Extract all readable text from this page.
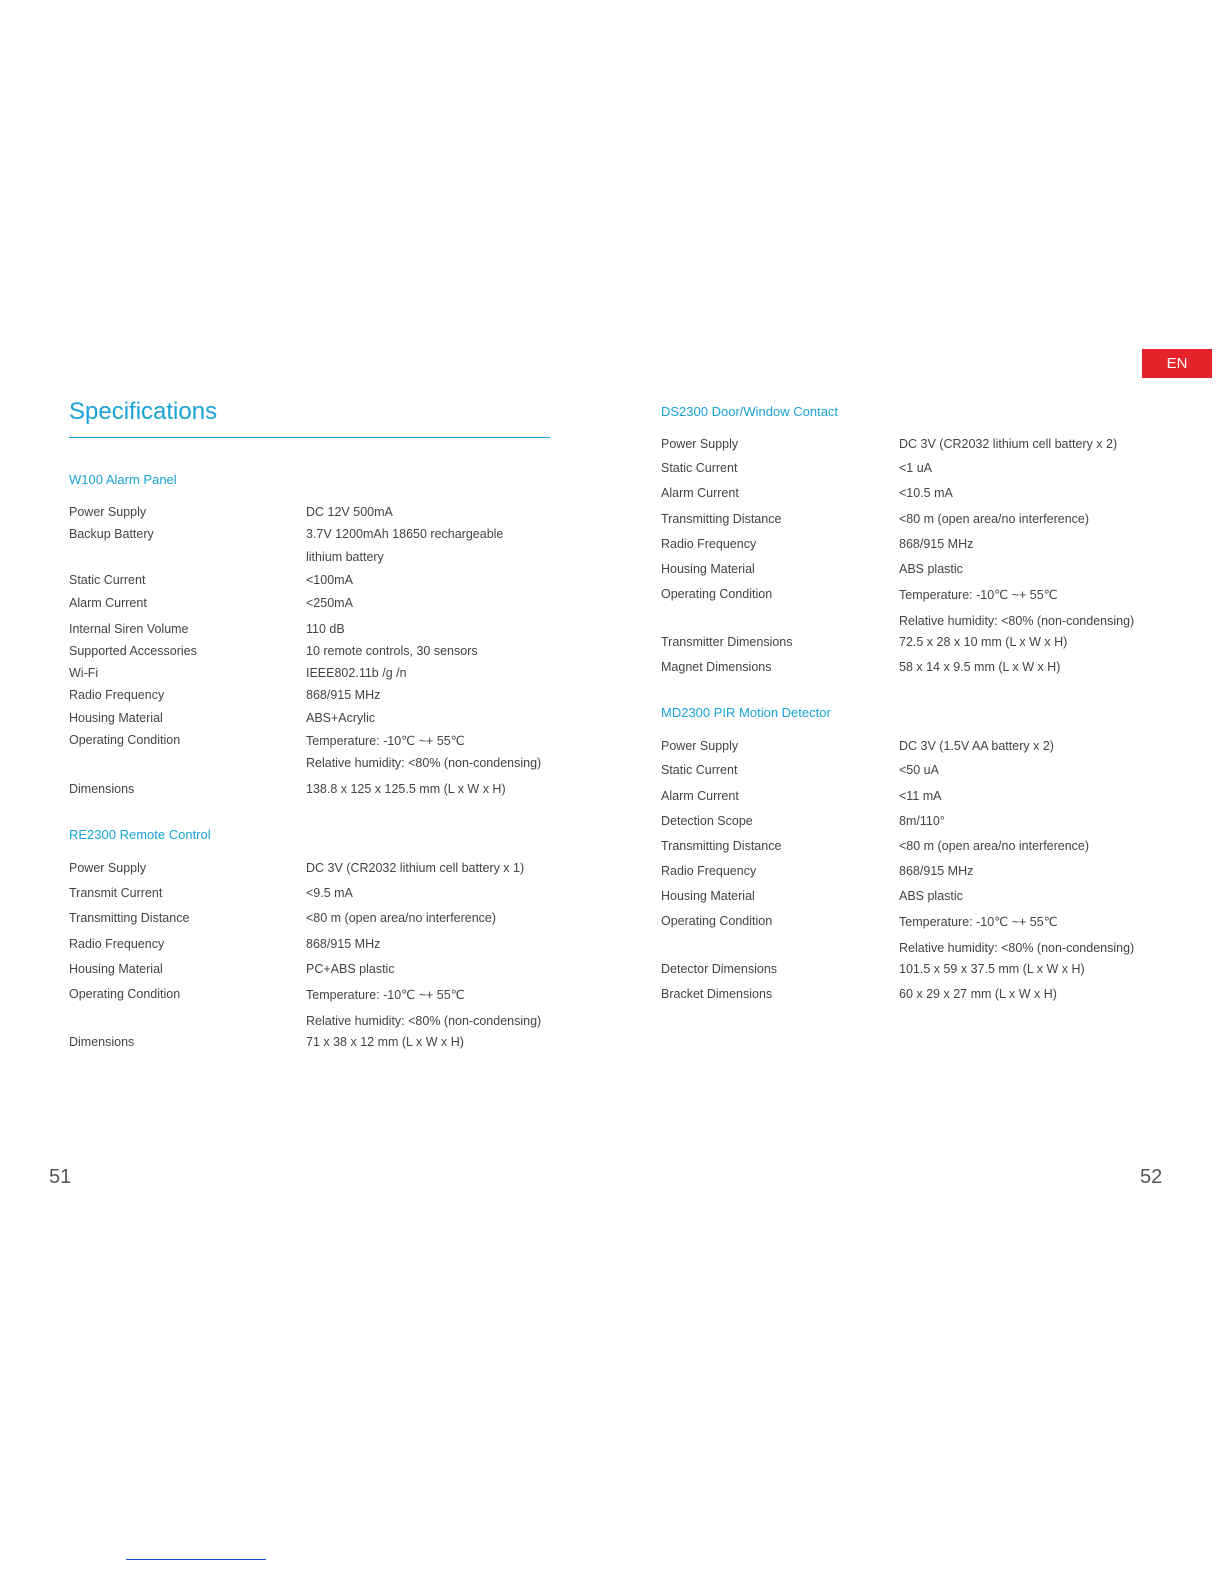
EN
Specifications
51	52
W100 Alarm Panel
Power Supply	DC 12V 500mA
Backup Battery	3.7V 1200mAh 18650 rechargeable
lithium battery
Static Current	<100mA
Alarm Current	<250mA
Internal Siren Volume	110 dB
Supported Accessories	10 remote controls, 30 sensors
Wi-Fi	IEEE802.11b /g /n
Radio Frequency	868/915 MHz
Housing Material	ABS+Acrylic
Operating Condition	Temperature: -10℃ ~+ 55℃
Relative humidity: <80% (non-condensing)
Dimensions	138.8 x 125 x 125.5 mm (L x W x H)
RE2300 Remote Control
Power Supply	DC 3V (CR2032 lithium cell battery x 1)
Transmit Current	<9.5 mA
Transmitting Distance	<80 m (open area/no interference)
Radio Frequency	868/915 MHz
Housing Material	PC+ABS plastic
Operating Condition	Temperature: -10℃ ~+ 55℃
Relative humidity: <80% (non-condensing)
Dimensions	71 x 38 x 12 mm (L x W x H)
DS2300 Door/Window Contact
Power Supply	DC 3V (CR2032 lithium cell battery x 2)
Static Current	<1 uA
Alarm Current	<10.5 mA
Transmitting Distance	<80 m (open area/no interference)
Radio Frequency	868/915 MHz
Housing Material	ABS plastic
Operating Condition	Temperature: -10℃ ~+ 55℃
Relative humidity: <80% (non-condensing)
Transmitter Dimensions	72.5 x 28 x 10 mm (L x W x H)
Magnet Dimensions	58 x 14 x 9.5 mm (L x W x H)
MD2300 PIR Motion Detector
Power Supply	DC 3V (1.5V AA battery x 2)
Static Current	<50 uA
Alarm Current	<11 mA
Detection Scope	8m/110°
Transmitting Distance	<80 m (open area/no interference)
Radio Frequency	868/915 MHz
Housing Material	ABS plastic
Operating Condition	Temperature: -10℃ ~+ 55℃
Relative humidity: <80% (non-condensing)
Detector Dimensions	101.5 x 59 x 37.5 mm (L x W x H)
Bracket Dimensions	60 x 29 x 27 mm (L x W x H)
